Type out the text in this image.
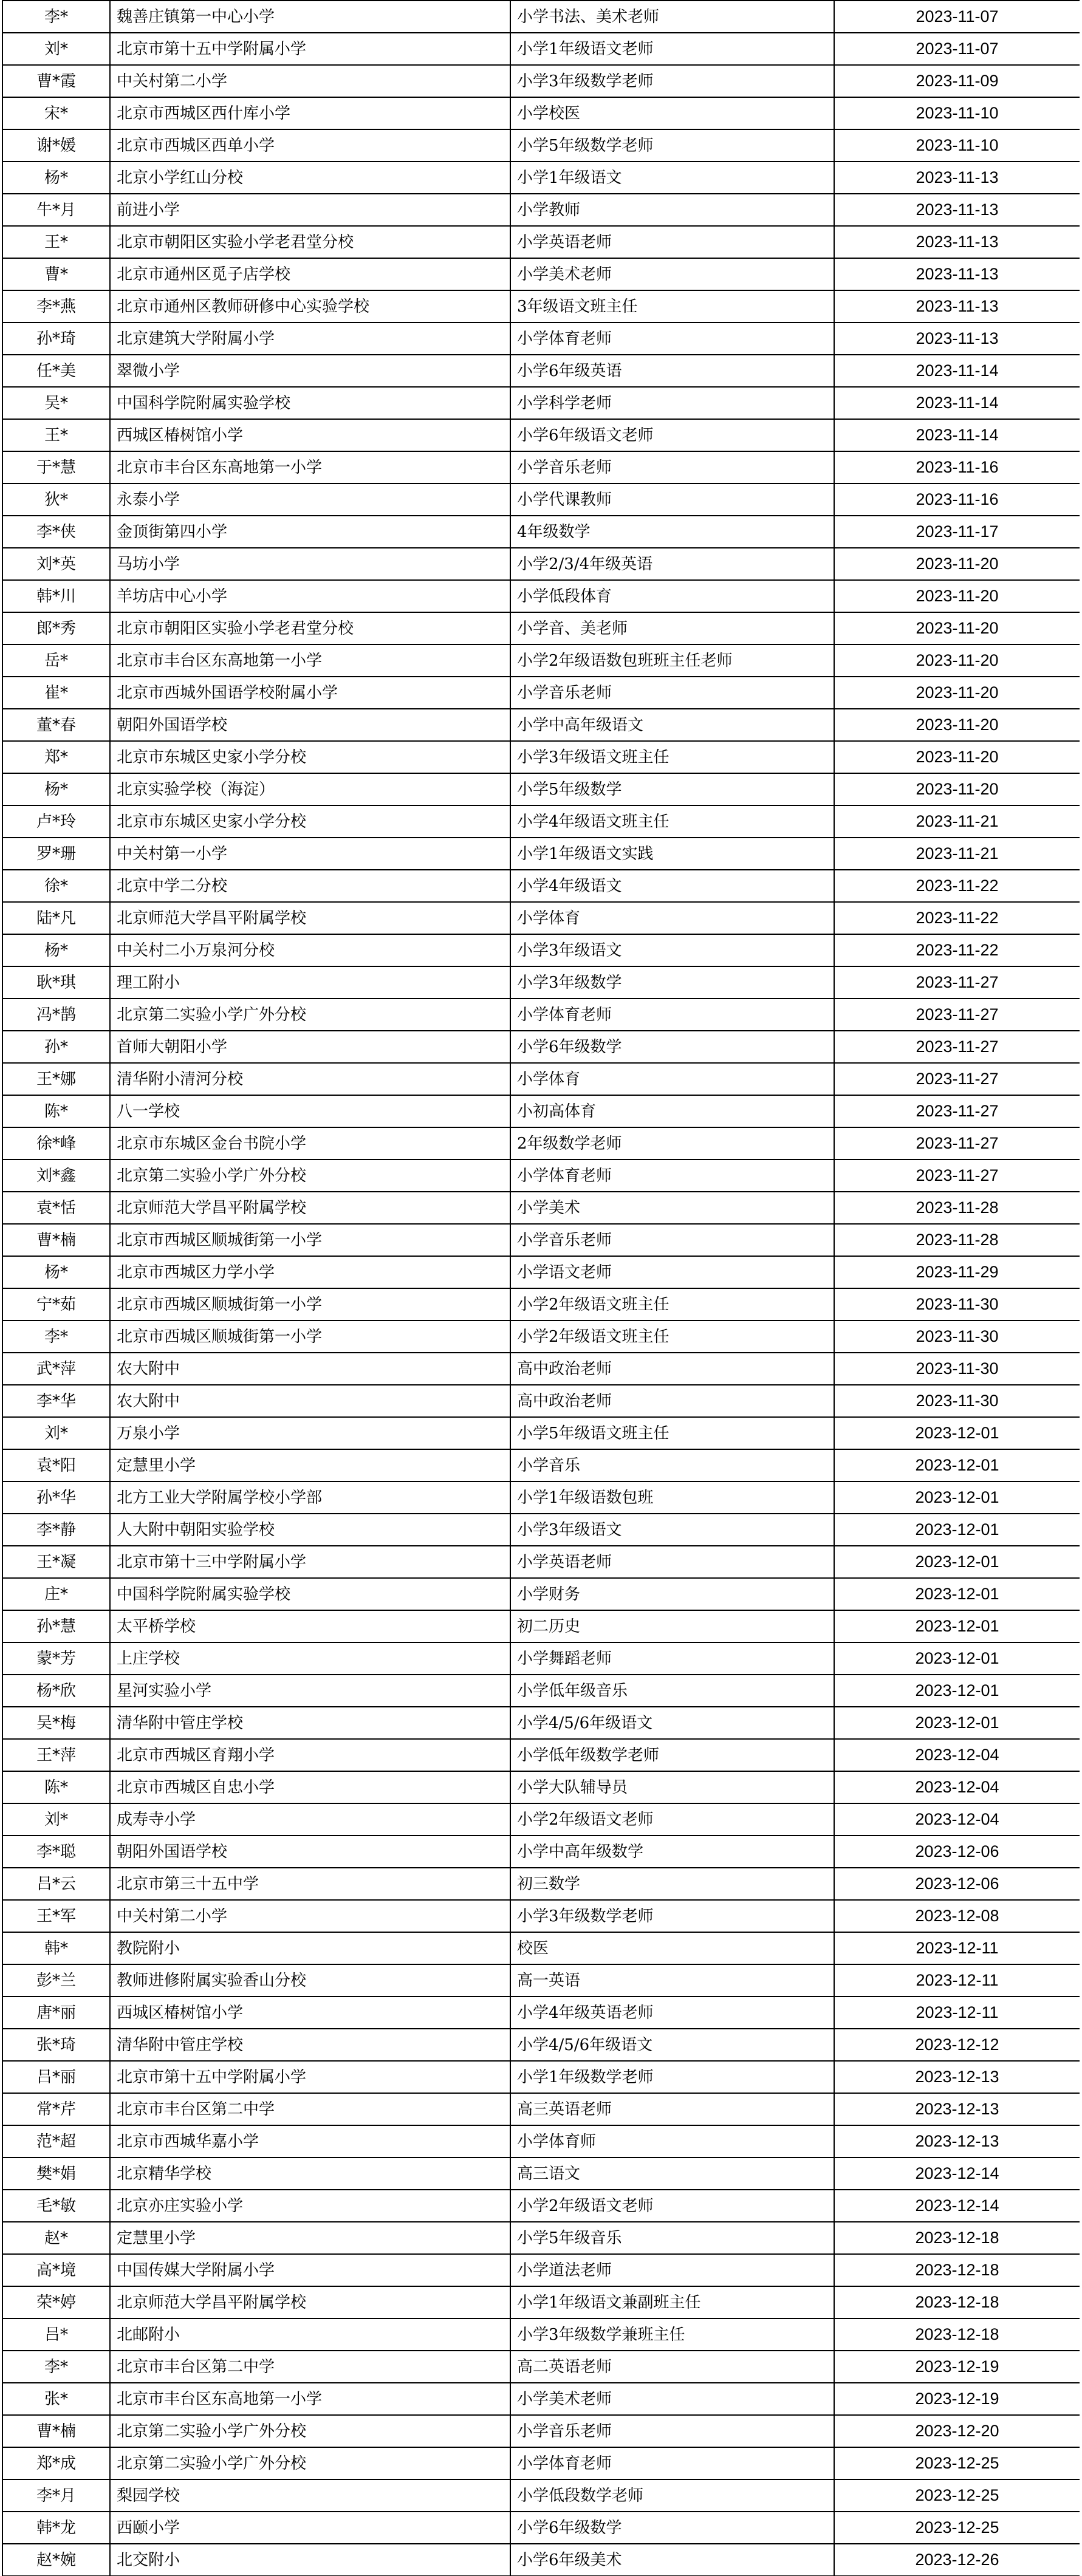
李*	魏善庄镇第一中心小学	小学书法、美术老师	2023-11-07
刘*	北京市第十五中学附属小学	小学1年级语文老师	2023-11-07
曹*霞	中关村第二小学	小学3年级数学老师	2023-11-09
宋*	北京市西城区西什库小学	小学校医	2023-11-10
谢*媛	北京市西城区西单小学	小学5年级数学老师	2023-11-10
杨*	北京小学红山分校	小学1年级语文	2023-11-13
牛*月	前进小学	小学教师	2023-11-13
王*	北京市朝阳区实验小学老君堂分校	小学英语老师	2023-11-13
曹*	北京市通州区觅子店学校	小学美术老师	2023-11-13
李*燕	北京市通州区教师研修中心实验学校	3年级语文班主任	2023-11-13
孙*琦	北京建筑大学附属小学	小学体育老师	2023-11-13
任*美	翠微小学	小学6年级英语	2023-11-14
吴*	中国科学院附属实验学校	小学科学老师	2023-11-14
王*	西城区椿树馆小学	小学6年级语文老师	2023-11-14
于*慧	北京市丰台区东高地第一小学	小学音乐老师	2023-11-16
狄*	永泰小学	小学代课教师	2023-11-16
李*侠	金顶街第四小学	4年级数学	2023-11-17
刘*英	马坊小学	小学2/3/4年级英语	2023-11-20
韩*川	羊坊店中心小学	小学低段体育	2023-11-20
郎*秀	北京市朝阳区实验小学老君堂分校	小学音、美老师	2023-11-20
岳*	北京市丰台区东高地第一小学	小学2年级语数包班班主任老师	2023-11-20
崔*	北京市西城外国语学校附属小学	小学音乐老师	2023-11-20
董*春	朝阳外国语学校	小学中高年级语文	2023-11-20
郑*	北京市东城区史家小学分校	小学3年级语文班主任	2023-11-20
杨*	北京实验学校（海淀）	小学5年级数学	2023-11-20
卢*玲	北京市东城区史家小学分校	小学4年级语文班主任	2023-11-21
罗*珊	中关村第一小学	小学1年级语文实践	2023-11-21
徐*	北京中学二分校	小学4年级语文	2023-11-22
陆*凡	北京师范大学昌平附属学校	小学体育	2023-11-22
杨*	中关村二小万泉河分校	小学3年级语文	2023-11-22
耿*琪	理工附小	小学3年级数学	2023-11-27
冯*鹊	北京第二实验小学广外分校	小学体育老师	2023-11-27
孙*	首师大朝阳小学	小学6年级数学	2023-11-27
王*娜	清华附小清河分校	小学体育	2023-11-27
陈*	八一学校	小初高体育	2023-11-27
徐*峰	北京市东城区金台书院小学	2年级数学老师	2023-11-27
刘*鑫	北京第二实验小学广外分校	小学体育老师	2023-11-27
袁*恬	北京师范大学昌平附属学校	小学美术	2023-11-28
曹*楠	北京市西城区顺城街第一小学	小学音乐老师	2023-11-28
杨*	北京市西城区力学小学	小学语文老师	2023-11-29
宁*茹	北京市西城区顺城街第一小学	小学2年级语文班主任	2023-11-30
李*	北京市西城区顺城街第一小学	小学2年级语文班主任	2023-11-30
武*萍	农大附中	高中政治老师	2023-11-30
李*华	农大附中	高中政治老师	2023-11-30
刘*	万泉小学	小学5年级语文班主任	2023-12-01
袁*阳	定慧里小学	小学音乐	2023-12-01
孙*华	北方工业大学附属学校小学部	小学1年级语数包班	2023-12-01
李*静	人大附中朝阳实验学校	小学3年级语文	2023-12-01
王*凝	北京市第十三中学附属小学	小学英语老师	2023-12-01
庄*	中国科学院附属实验学校	小学财务	2023-12-01
孙*慧	太平桥学校	初二历史	2023-12-01
蒙*芳	上庄学校	小学舞蹈老师	2023-12-01
杨*欣	星河实验小学	小学低年级音乐	2023-12-01
吴*梅	清华附中管庄学校	小学4/5/6年级语文	2023-12-01
王*萍	北京市西城区育翔小学	小学低年级数学老师	2023-12-04
陈*	北京市西城区自忠小学	小学大队辅导员	2023-12-04
刘*	成寿寺小学	小学2年级语文老师	2023-12-04
李*聪	朝阳外国语学校	小学中高年级数学	2023-12-06
吕*云	北京市第三十五中学	初三数学	2023-12-06
王*军	中关村第二小学	小学3年级数学老师	2023-12-08
韩*	教院附小	校医	2023-12-11
彭*兰	教师进修附属实验香山分校	高一英语	2023-12-11
唐*丽	西城区椿树馆小学	小学4年级英语老师	2023-12-11
张*琦	清华附中管庄学校	小学4/5/6年级语文	2023-12-12
吕*丽	北京市第十五中学附属小学	小学1年级数学老师	2023-12-13
常*芹	北京市丰台区第二中学	高三英语老师	2023-12-13
范*超	北京市西城华嘉小学	小学体育师	2023-12-13
樊*娟	北京精华学校	高三语文	2023-12-14
毛*敏	北京亦庄实验小学	小学2年级语文老师	2023-12-14
赵*	定慧里小学	小学5年级音乐	2023-12-18
高*境	中国传媒大学附属小学	小学道法老师	2023-12-18
荣*婷	北京师范大学昌平附属学校	小学1年级语文兼副班主任	2023-12-18
吕*	北邮附小	小学3年级数学兼班主任	2023-12-18
李*	北京市丰台区第二中学	高二英语老师	2023-12-19
张*	北京市丰台区东高地第一小学	小学美术老师	2023-12-19
曹*楠	北京第二实验小学广外分校	小学音乐老师	2023-12-20
郑*成	北京第二实验小学广外分校	小学体育老师	2023-12-25
李*月	梨园学校	小学低段数学老师	2023-12-25
韩*龙	西颐小学	小学6年级数学	2023-12-25
赵*婉	北交附小	小学6年级美术	2023-12-26
